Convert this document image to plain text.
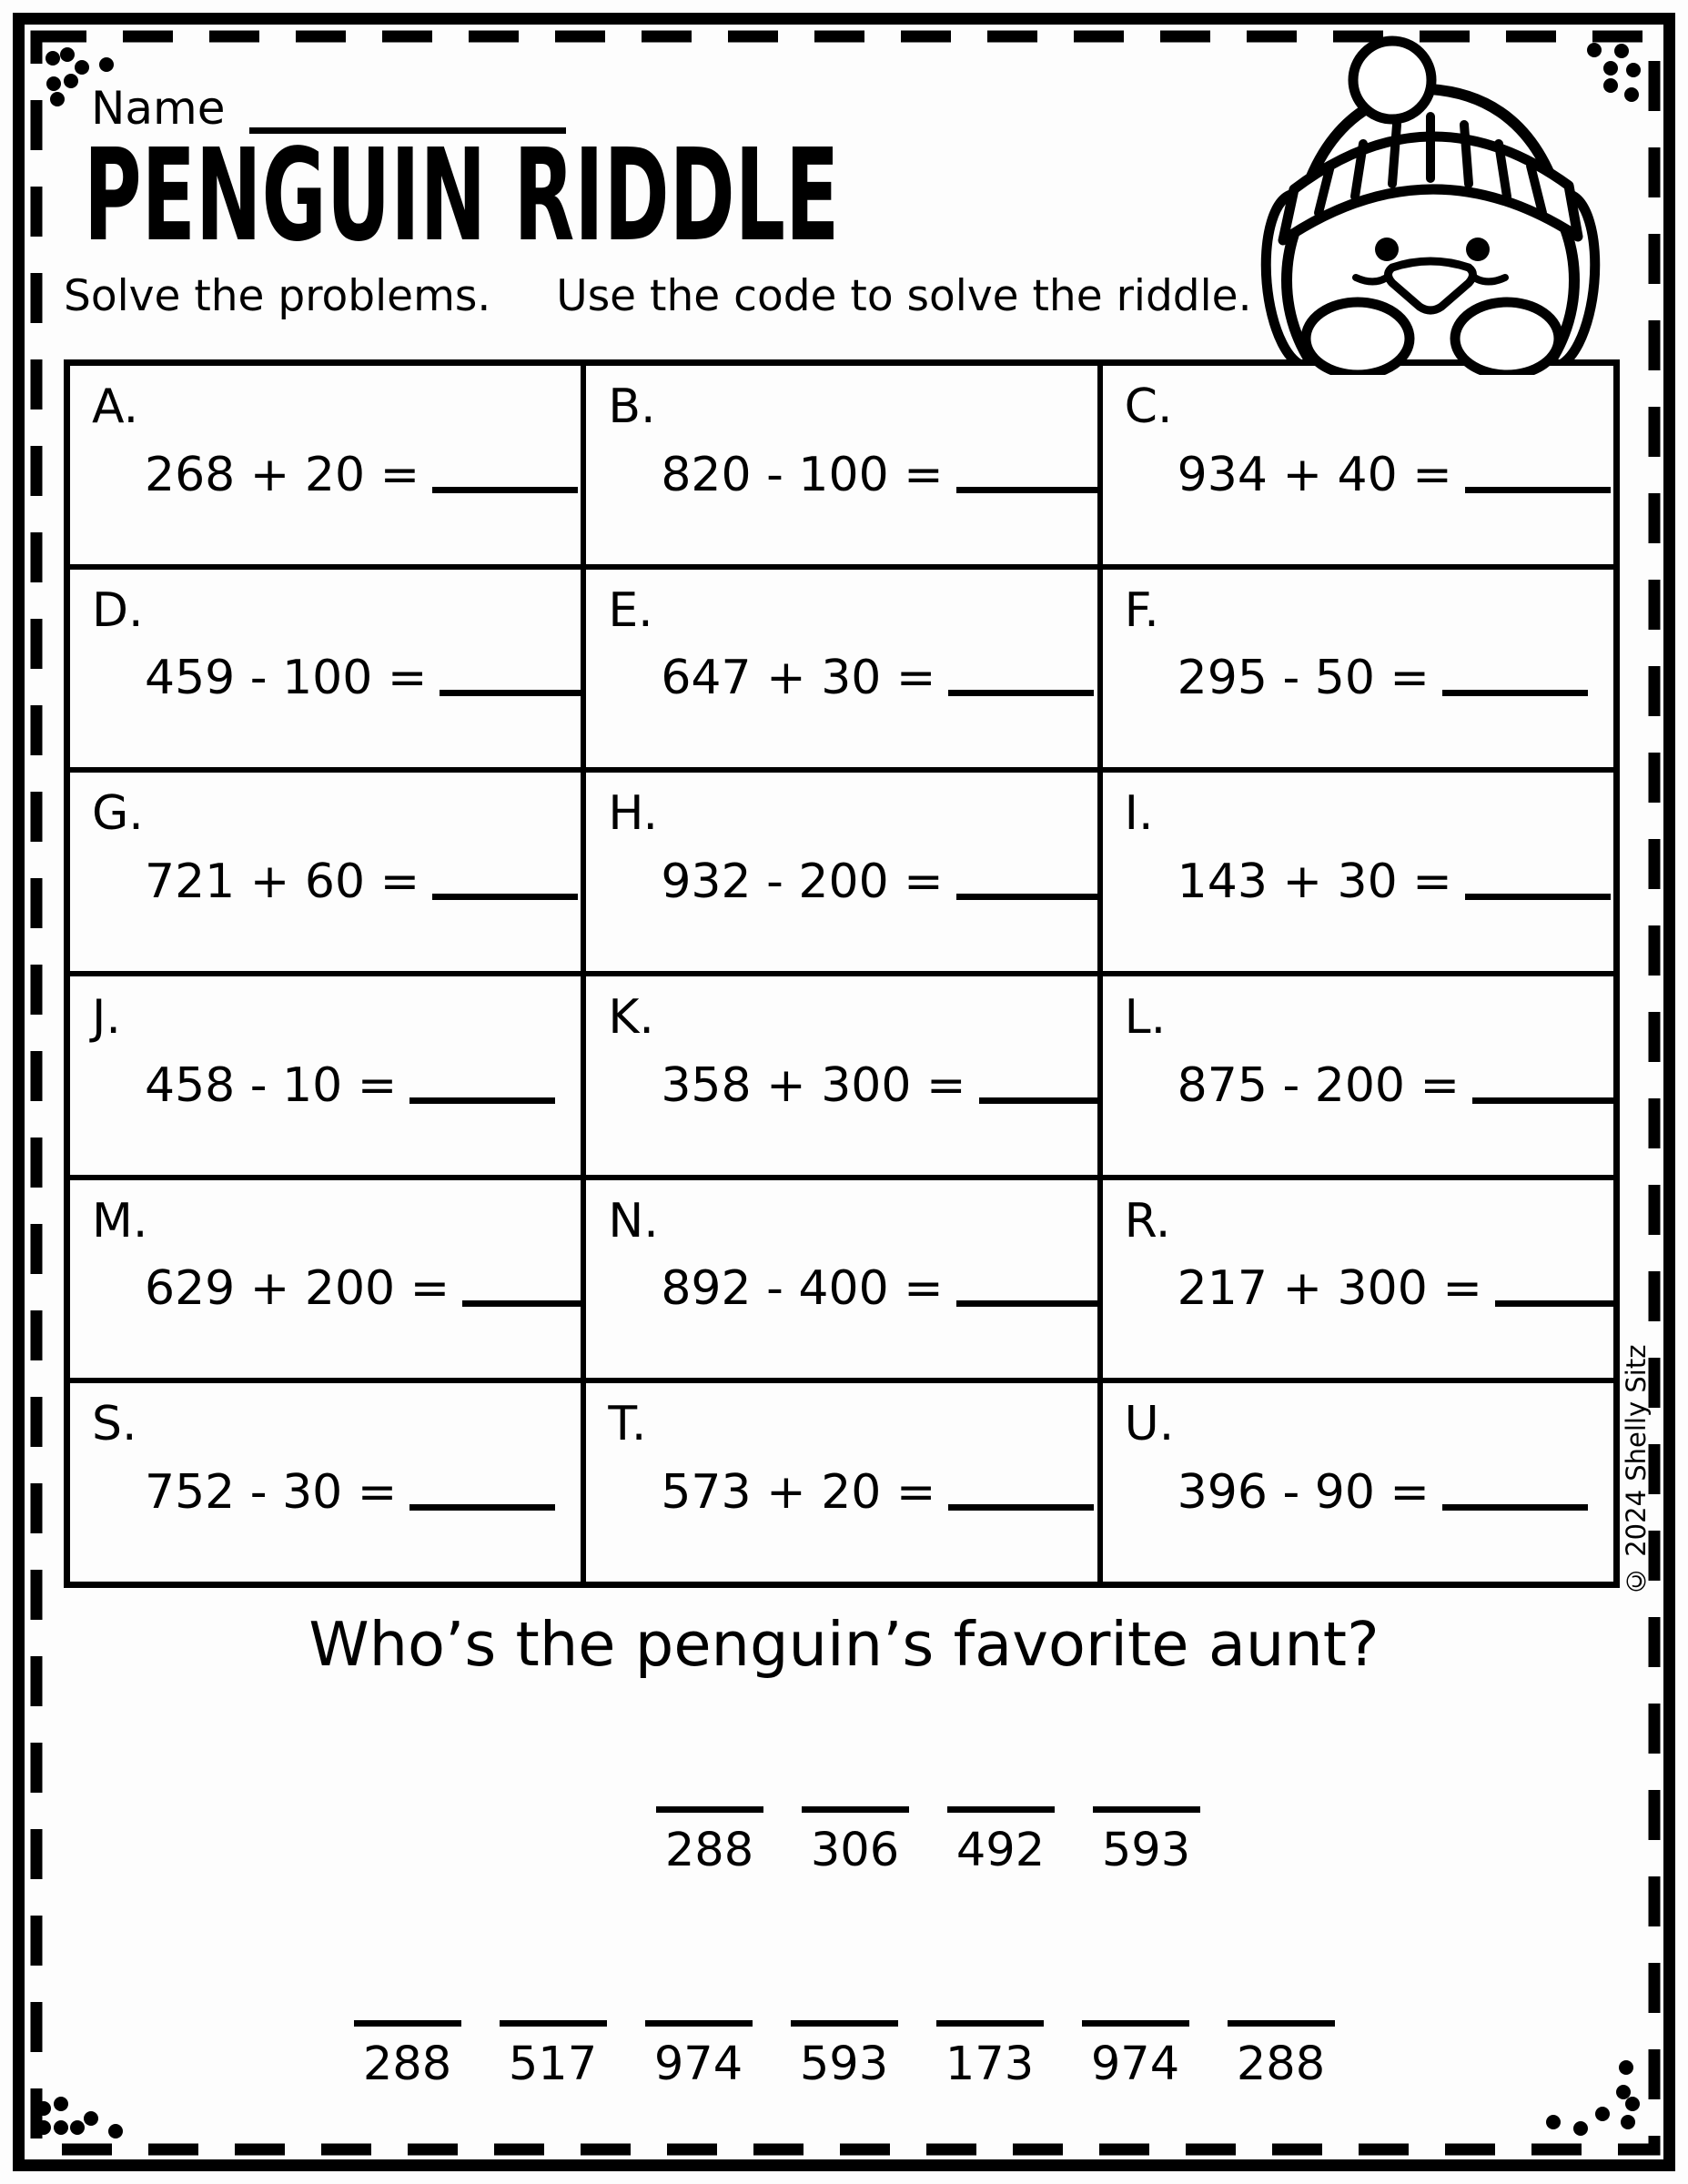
Name
PENGUIN RIDDLE
Solve the problems. Use the code to solve the riddle.
A.
268 + 20 =
B.
820 - 100 =
C.
934 + 40 =
D.
459 - 100 =
E.
647 + 30 =
F.
295 - 50 =
G.
721 + 60 =
H.
932 - 200 =
I.
143 + 30 =
J.
458 - 10 =
K.
358 + 300 =
L.
875 - 200 =
M.
629 + 200 =
N.
892 - 400 =
R.
217 + 300 =
S.
752 - 30 =
T.
573 + 20 =
U.
396 - 90 =	© 2024 Shelly Sitz
Who’s the penguin’s favorite aunt?
288 306 492 593
288 517 974 593 173 974 288
